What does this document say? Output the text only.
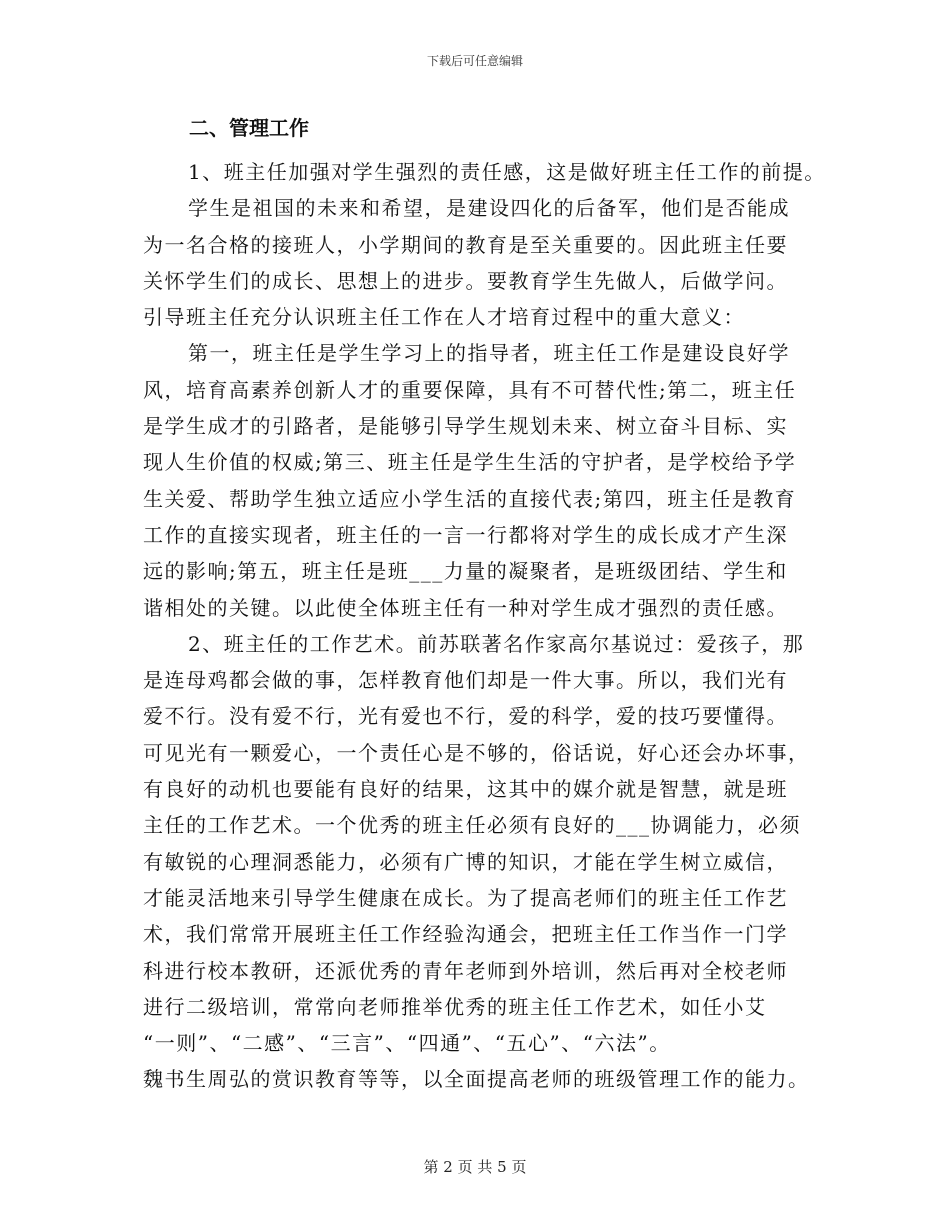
下载后可任意编辑
二、管理工作
1、班主任加强对学生强烈的责任感，这是做好班主任工作的前提。
学生是祖国的未来和希望，是建设四化的后备军，他们是否能成
为一名合格的接班人，小学期间的教育是至关重要的。因此班主任要
关怀学生们的成长、思想上的进步。要教育学生先做人，后做学问。
引导班主任充分认识班主任工作在人才培育过程中的重大意义：
第一，班主任是学生学习上的指导者，班主任工作是建设良好学
风，培育高素养创新人才的重要保障，具有不可替代性;第二，班主任
是学生成才的引路者，是能够引导学生规划未来、树立奋斗目标、实
现人生价值的权威;第三、班主任是学生生活的守护者，是学校给予学
生关爱、帮助学生独立适应小学生活的直接代表;第四，班主任是教育
工作的直接实现者，班主任的一言一行都将对学生的成长成才产生深
远的影响;第五，班主任是班___力量的凝聚者，是班级团结、学生和
谐相处的关键。以此使全体班主任有一种对学生成才强烈的责任感。
2、班主任的工作艺术。前苏联著名作家高尔基说过：爱孩子，那
是连母鸡都会做的事，怎样教育他们却是一件大事。所以，我们光有
爱不行。没有爱不行，光有爱也不行，爱的科学，爱的技巧要懂得。
可见光有一颗爱心，一个责任心是不够的，俗话说，好心还会办坏事，
有良好的动机也要能有良好的结果，这其中的媒介就是智慧，就是班
主任的工作艺术。一个优秀的班主任必须有良好的___协调能力，必须
有敏锐的心理洞悉能力，必须有广博的知识，才能在学生树立威信，
才能灵活地来引导学生健康在成长。为了提高老师们的班主任工作艺
术，我们常常开展班主任工作经验沟通会，把班主任工作当作一门学
科进行校本教研，还派优秀的青年老师到外培训，然后再对全校老师
进行二级培训，常常向老师推举优秀的班主任工作艺术，如任小艾
“一则”、“二感”、“三言”、“四通”、“五心”、“六法”。
魏书生周弘的赏识教育等等，以全面提高老师的班级管理工作的能力。
第 2 页 共 5 页
